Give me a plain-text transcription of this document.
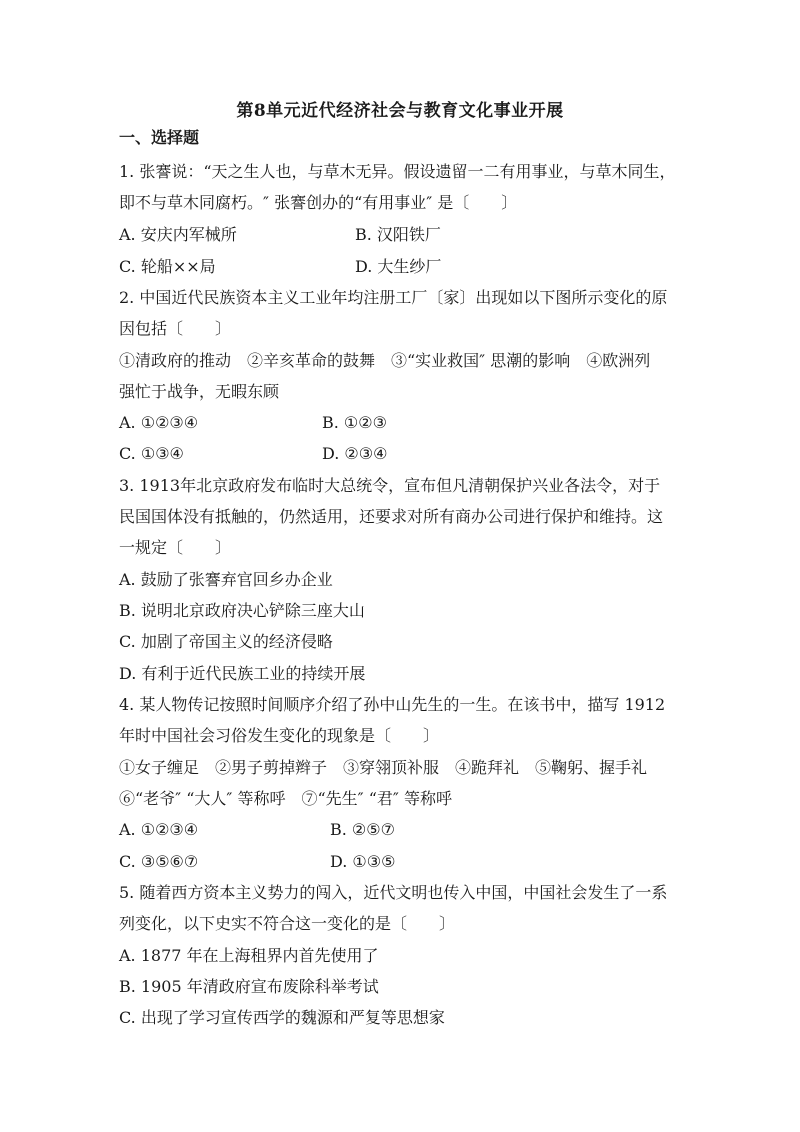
第8单元近代经济社会与教育文化事业开展
一、选择题
1. 张謇说：“天之生人也，与草木无异。假设遗留一二有用事业，与草木同生，
即不与草木同腐朽。″ 张謇创办的“有用事业″ 是〔　　〕
A. 安庆内军械所	B. 汉阳铁厂
C. 轮船××局	D. 大生纱厂
2. 中国近代民族资本主义工业年均注册工厂〔家〕出现如以下图所示变化的原
因包括〔　　〕
①清政府的推动　②辛亥革命的鼓舞　③“实业救国″ 思潮的影响　④欧洲列
强忙于战争，无暇东顾
A. ①②③④	B. ①②③
C. ①③④	D. ②③④
3. 1913年北京政府发布临时大总统令，宣布但凡清朝保护兴业各法令，对于
民国国体没有抵触的，仍然适用，还要求对所有商办公司进行保护和维持。这
一规定〔　　〕
A. 鼓励了张謇弃官回乡办企业
B. 说明北京政府决心铲除三座大山
C. 加剧了帝国主义的经济侵略
D. 有利于近代民族工业的持续开展
4. 某人物传记按照时间顺序介绍了孙中山先生的一生。在该书中，描写 1912
年时中国社会习俗发生变化的现象是〔　　〕
①女子缠足　②男子剪掉辫子　③穿翎顶补服　④跪拜礼　⑤鞠躬、握手礼
⑥“老爷″ “大人″ 等称呼　⑦“先生″ “君″ 等称呼
A. ①②③④	B. ②⑤⑦
C. ③⑤⑥⑦	D. ①③⑤
5. 随着西方资本主义势力的闯入，近代文明也传入中国，中国社会发生了一系
列变化，以下史实不符合这一变化的是〔　　〕
A. 1877 年在上海租界内首先使用了
B. 1905 年清政府宣布废除科举考试
C. 出现了学习宣传西学的魏源和严复等思想家
